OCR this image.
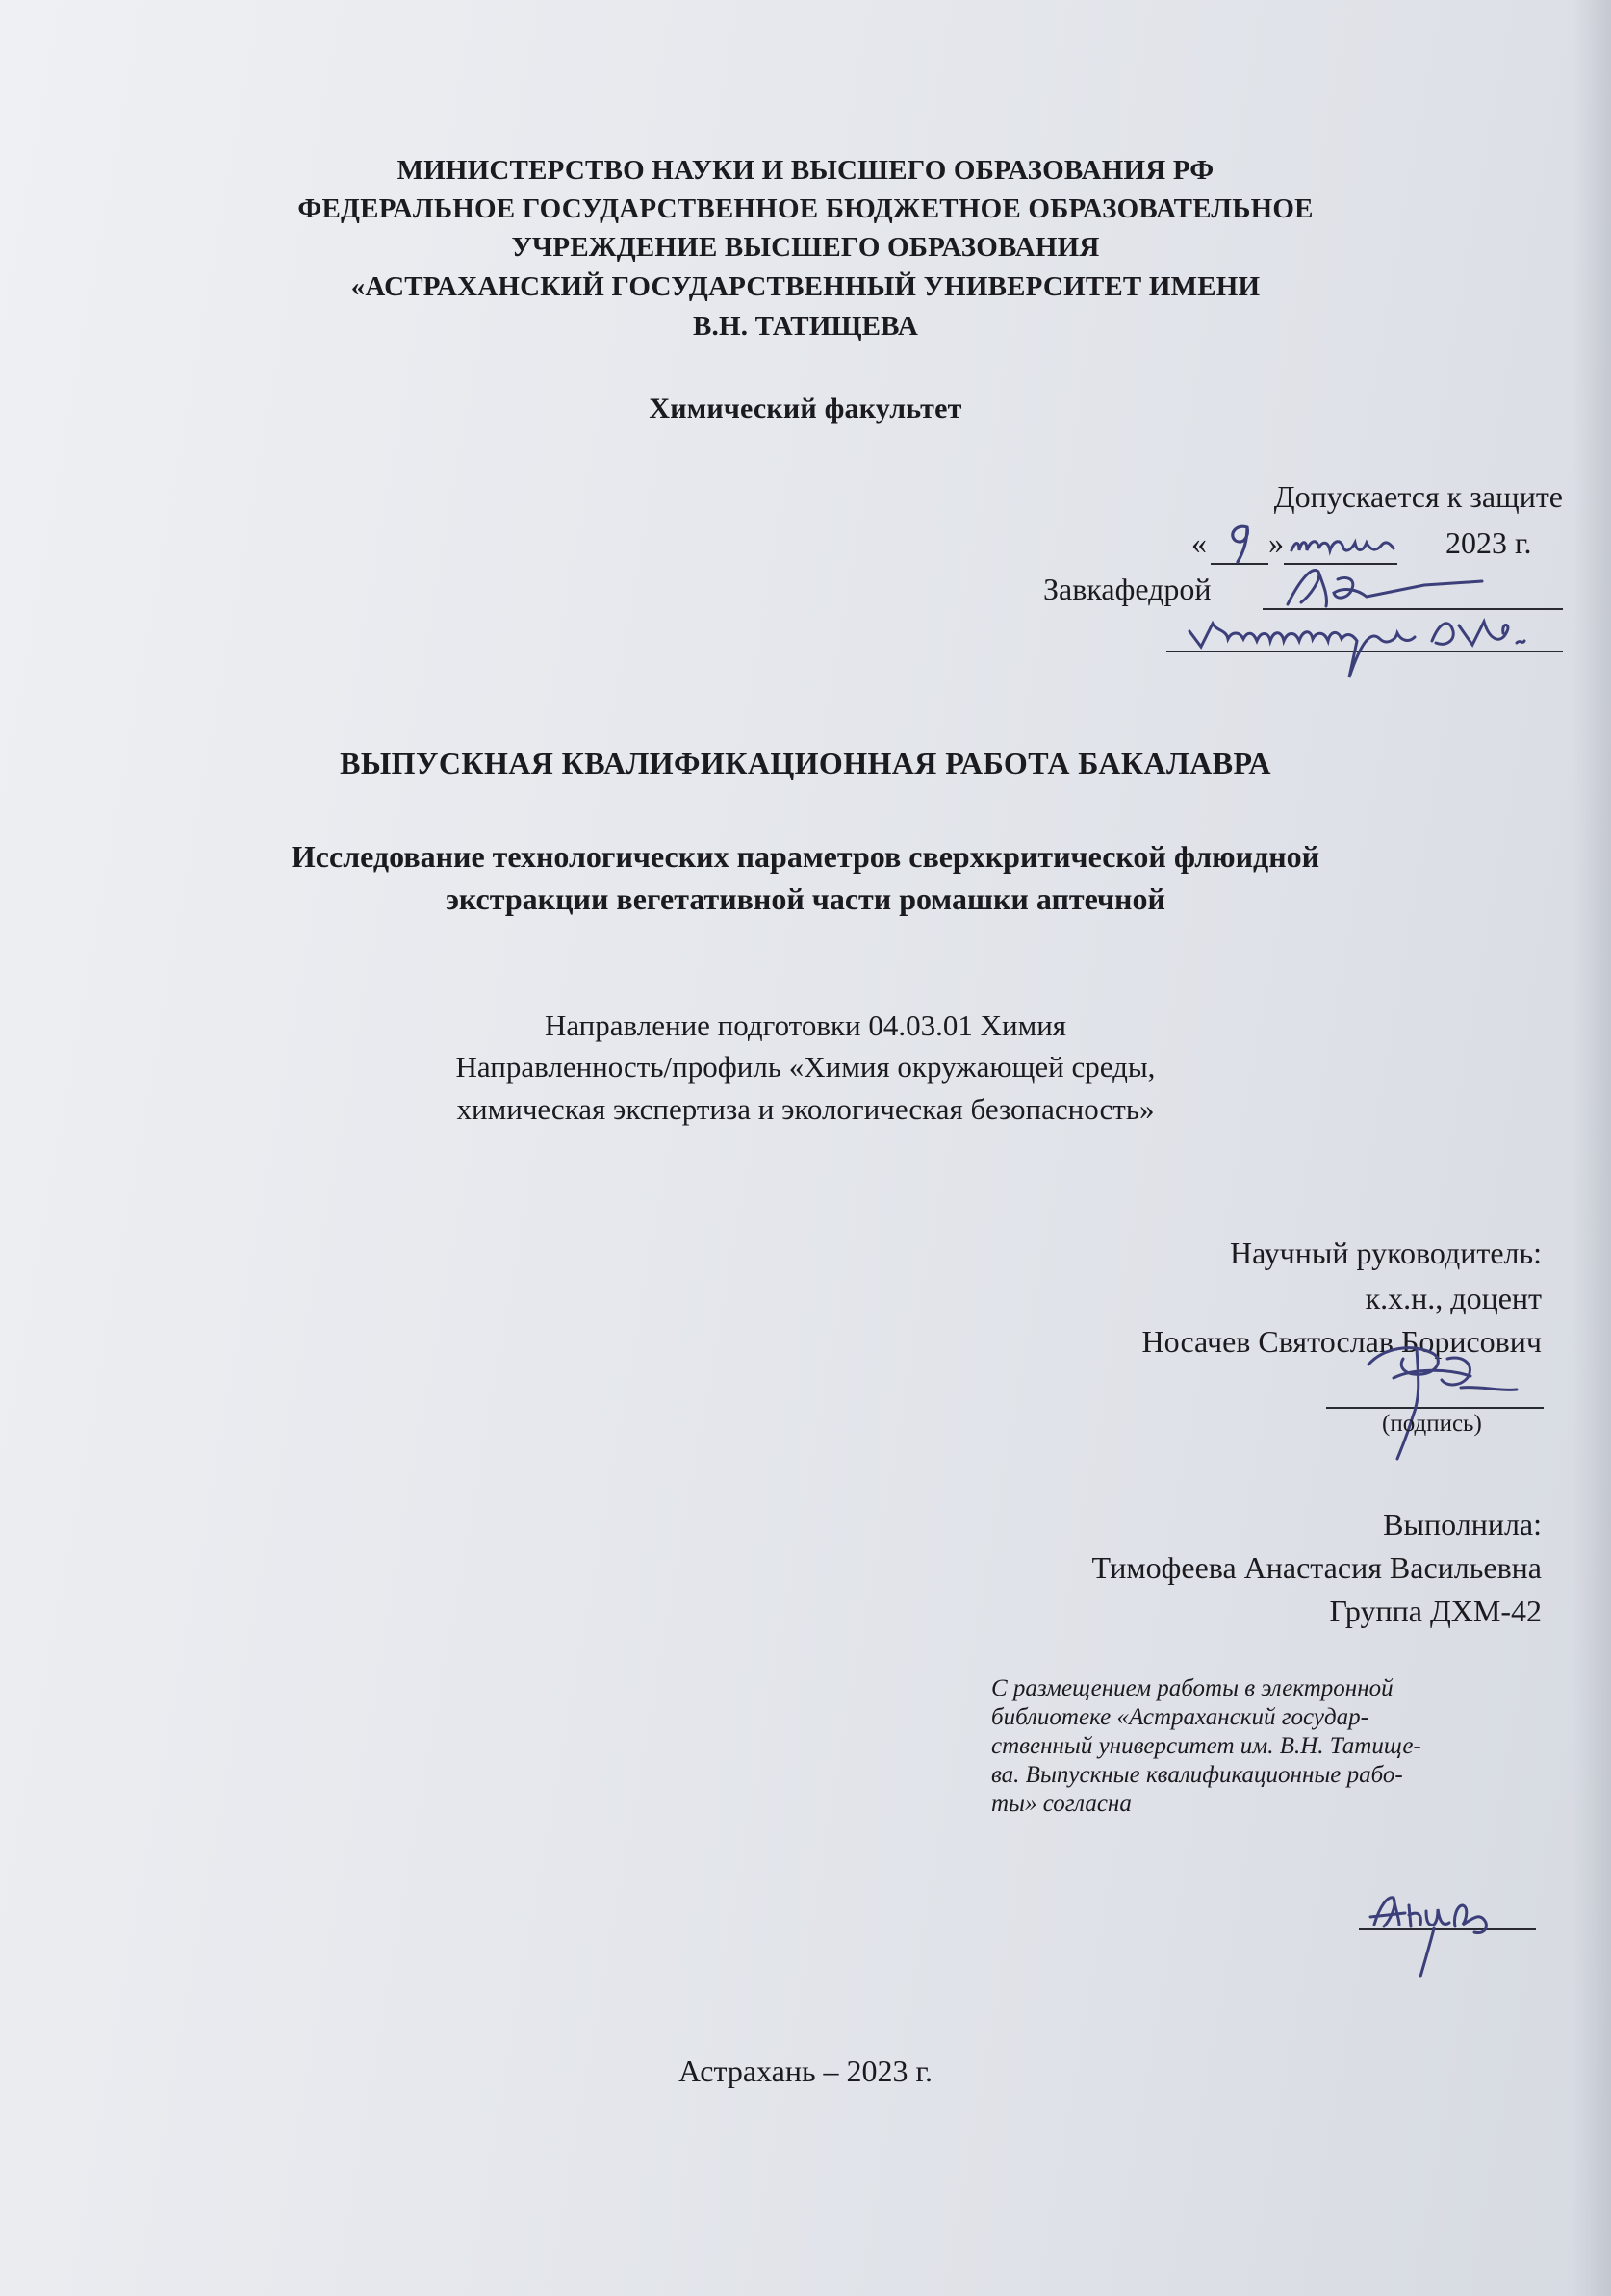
МИНИСТЕРСТВО НАУКИ И ВЫСШЕГО ОБРАЗОВАНИЯ РФ
ФЕДЕРАЛЬНОЕ ГОСУДАРСТВЕННОЕ БЮДЖЕТНОЕ ОБРАЗОВАТЕЛЬНОЕ
УЧРЕЖДЕНИЕ ВЫСШЕГО ОБРАЗОВАНИЯ
«АСТРАХАНСКИЙ ГОСУДАРСТВЕННЫЙ УНИВЕРСИТЕТ ИМЕНИ
В.Н. ТАТИЩЕВА
Химический факультет
Допускается к защите
« »	2023 г.
Завкафедрой
ВЫПУСКНАЯ КВАЛИФИКАЦИОННАЯ РАБОТА БАКАЛАВРА
Исследование технологических параметров сверхкритической флюидной
экстракции вегетативной части ромашки аптечной
Направление подготовки 04.03.01 Химия
Направленность/профиль «Химия окружающей среды,
химическая экспертиза и экологическая безопасность»
Научный руководитель:
к.х.н., доцент
Носачев Святослав Борисович
(подпись)
Выполнила:
Тимофеева Анастасия Васильевна
Группа ДХМ-42
С размещением работы в электронной
библиотеке «Астраханский государ-
ственный университет им. В.Н. Татище-
ва. Выпускные квалификационные рабо-
ты» согласна
Астрахань – 2023 г.
